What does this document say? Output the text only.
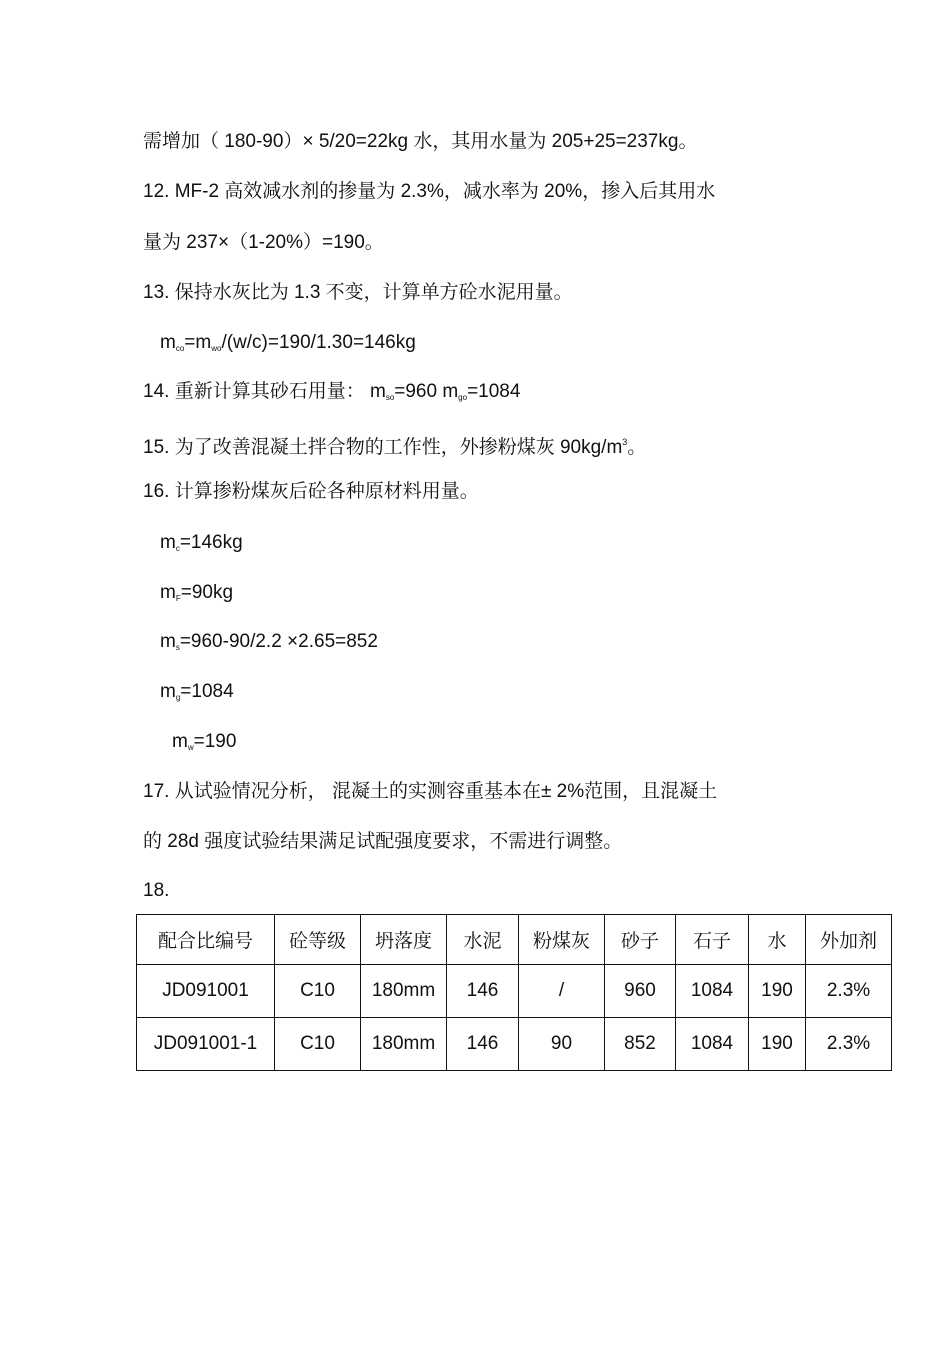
需增加（ 180-90）× 5/20=22kg 水，其用水量为 205+25=237kg。
12. MF-2 高效减水剂的掺量为 2.3%，减水率为 20%，掺入后其用水
量为 237×（1-20%）=190。
13. 保持水灰比为 1.3 不变，计算单方砼水泥用量。
$m_{co}=m_{wo}/(w/c)=190/1.30=146kg$
14. 重新计算其砂石用量： $m_{so}=960$ $m_{go}=1084$
15. 为了改善混凝土拌合物的工作性，外掺粉煤灰 $90kg/m^3$。
16. 计算掺粉煤灰后砼各种原材料用量。
$m_c=146kg$
$m_F=90kg$
$m_s=960-90/2.2 \times 2.65=852$
$m_g=1084$
$m_w=190$
17. 从试验情况分析， 混凝土的实测容重基本在± 2%范围，且混凝土
的 28d 强度试验结果满足试配强度要求，不需进行调整。
18.
配合比编号	砼等级	坍落度	水泥	粉煤灰	砂子	石子	水	外加剂
JD091001	C10	180mm	146	/	960	1084	190	2.3%
JD091001-1	C10	180mm	146	90	852	1084	190	2.3%
